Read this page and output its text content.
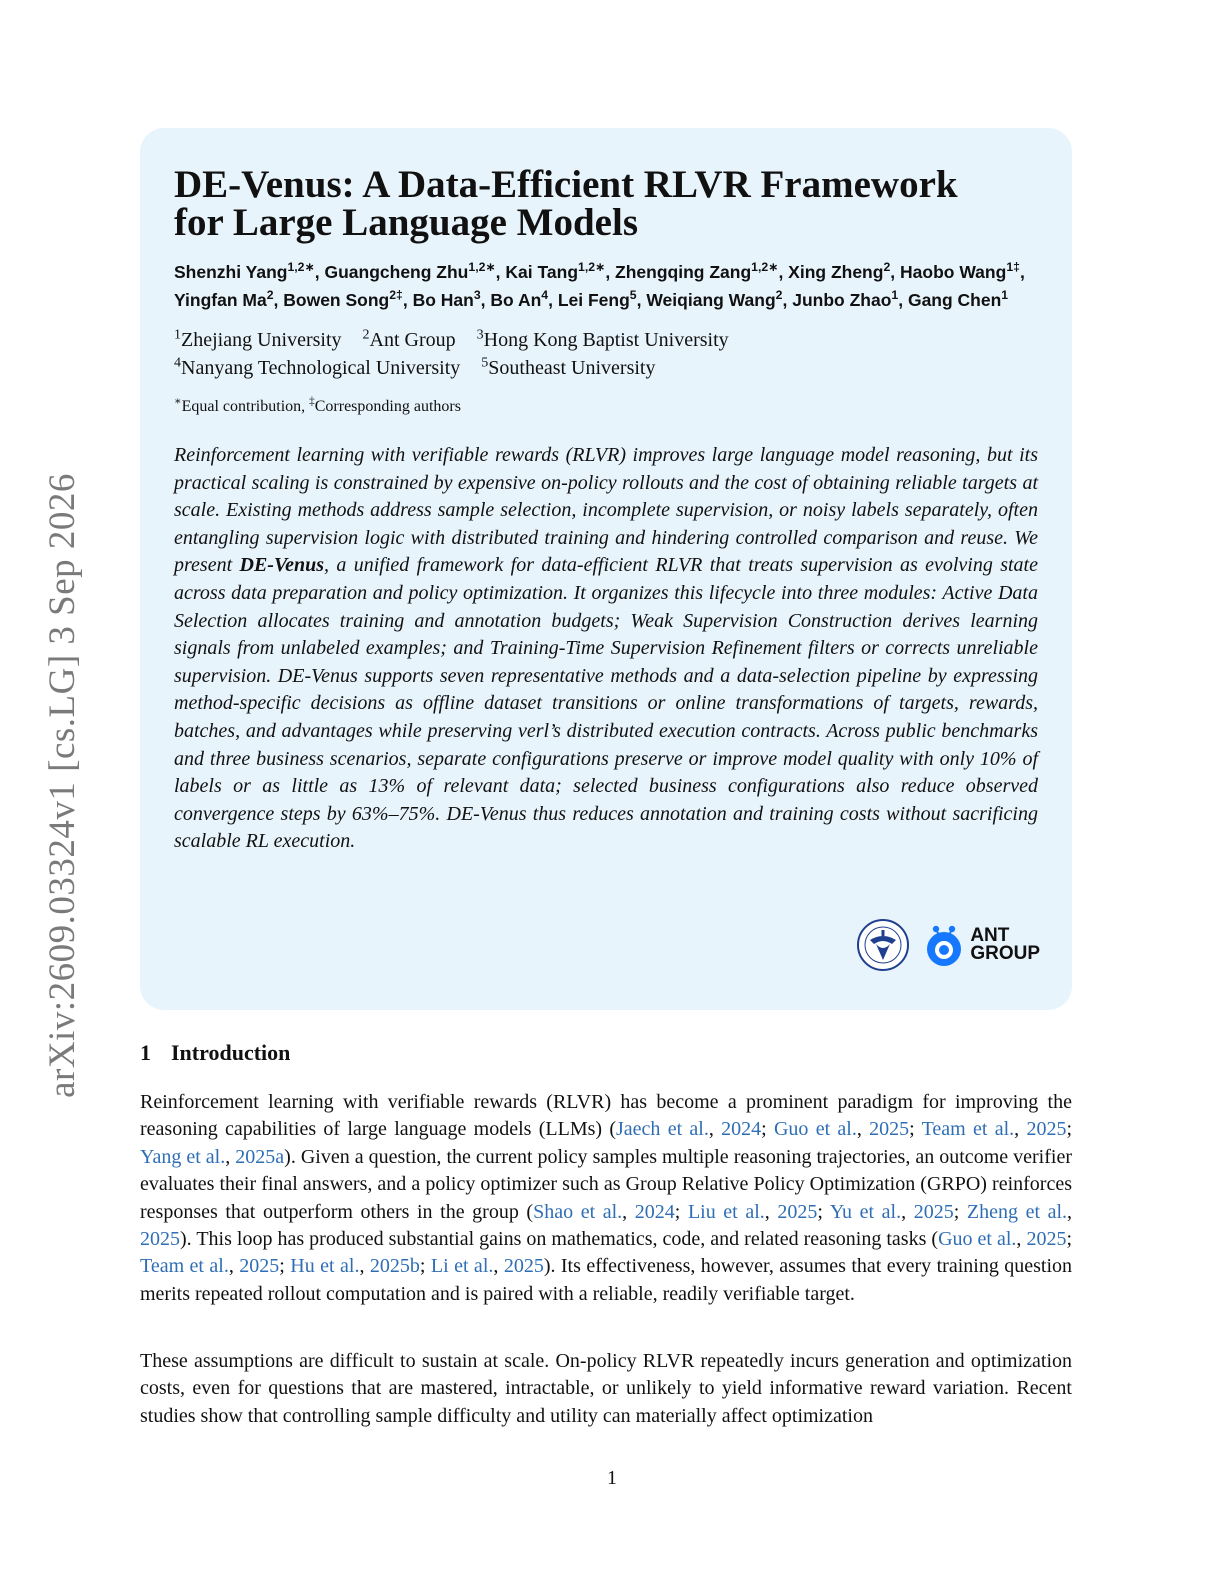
arXiv:2609.03324v1 [cs.LG] 3 Sep 2026
DE-Venus: A Data-Efficient RLVR Framework
for Large Language Models
Shenzhi Yang$^{1,2∗}$, Guangcheng Zhu$^{1,2∗}$, Kai Tang$^{1,2∗}$, Zhengqing Zang$^{1,2∗}$, Xing Zheng$^2$, Haobo Wang$^{1\ddagger}$, Yingfan Ma$^2$, Bowen Song$^{2\ddagger}$, Bo Han$^3$, Bo An$^4$, Lei Feng$^5$, Weiqiang Wang$^2$, Junbo Zhao$^1$, Gang Chen$^1$
$^1$Zhejiang University $^2$Ant Group $^3$Hong Kong Baptist University
$^4$Nanyang Technological University $^5$Southeast University
∗Equal contribution, ‡Corresponding authors
Reinforcement learning with verifiable rewards (RLVR) improves large language model reasoning, but its practical scaling is constrained by expensive on-policy rollouts and the cost of obtaining reliable targets at scale. Existing methods address sample selection, incomplete supervision, or noisy labels separately, often entangling supervision logic with distributed training and hindering controlled comparison and reuse. We present DE-Venus, a unified framework for data-efficient RLVR that treats supervision as evolving state across data preparation and policy optimization. It organizes this lifecycle into three modules: Active Data Selection allocates training and annotation budgets; Weak Supervision Construction derives learning signals from unlabeled examples; and Training-Time Supervision Refinement filters or corrects unreliable supervision. DE-Venus supports seven representative methods and a data-selection pipeline by expressing method-specific decisions as offline dataset transitions or online transformations of targets, rewards, batches, and advantages while preserving verl’s distributed execution contracts. Across public benchmarks and three business scenarios, separate configurations preserve or improve model quality with only 10% of labels or as little as 13% of relevant data; selected business configurations also reduce observed convergence steps by 63%–75%. DE-Venus thus reduces annotation and training costs without sacrificing scalable RL execution.
ANT
GROUP
1 Introduction

Reinforcement learning with verifiable rewards (RLVR) has become a prominent paradigm for improving the reasoning capabilities of large language models (LLMs) (Jaech et al., 2024; Guo et al., 2025; Team et al., 2025; Yang et al., 2025a). Given a question, the current policy samples multiple reasoning trajectories, an outcome verifier evaluates their final answers, and a policy optimizer such as Group Relative Policy Optimization (GRPO) reinforces responses that outperform others in the group (Shao et al., 2024; Liu et al., 2025; Yu et al., 2025; Zheng et al., 2025). This loop has produced substantial gains on mathematics, code, and related reasoning tasks (Guo et al., 2025; Team et al., 2025; Hu et al., 2025b; Li et al., 2025). Its effectiveness, however, assumes that every training question merits repeated rollout computation and is paired with a reliable, readily verifiable target.

These assumptions are difficult to sustain at scale. On-policy RLVR repeatedly incurs generation and optimization costs, even for questions that are mastered, intractable, or unlikely to yield informative reward variation. Recent studies show that controlling sample difficulty and utility can materially affect optimization

1
